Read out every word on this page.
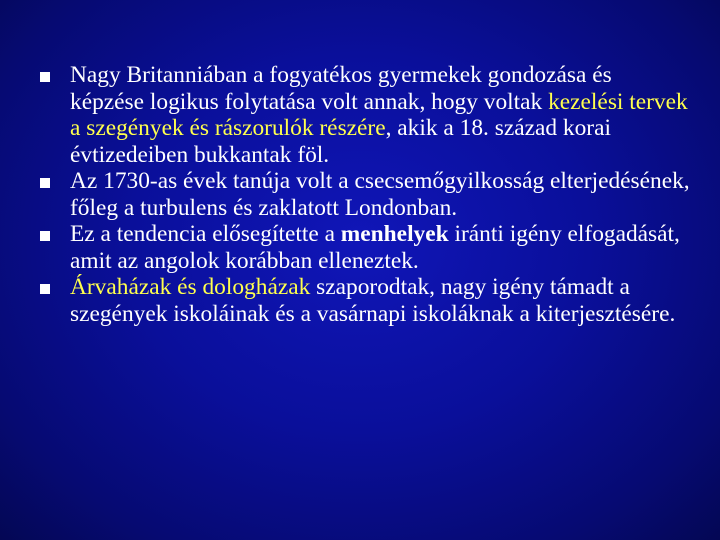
Nagy Britanniában a fogyatékos gyermekek gondozása és képzése logikus folytatása volt annak, hogy voltak kezelési tervek a szegények és rászorulók részére, akik a 18. század korai évtizedeiben bukkantak föl.
Az 1730-as évek tanúja volt a csecsemőgyilkosság elterjedésének, főleg a turbulens és zaklatott Londonban.
Ez a tendencia elősegítette a menhelyek iránti igény elfogadását, amit az angolok korábban elleneztek.
Árvaházak és dologházak szaporodtak, nagy igény támadt a szegények iskoláinak és a vasárnapi iskoláknak a kiterjesztésére.
